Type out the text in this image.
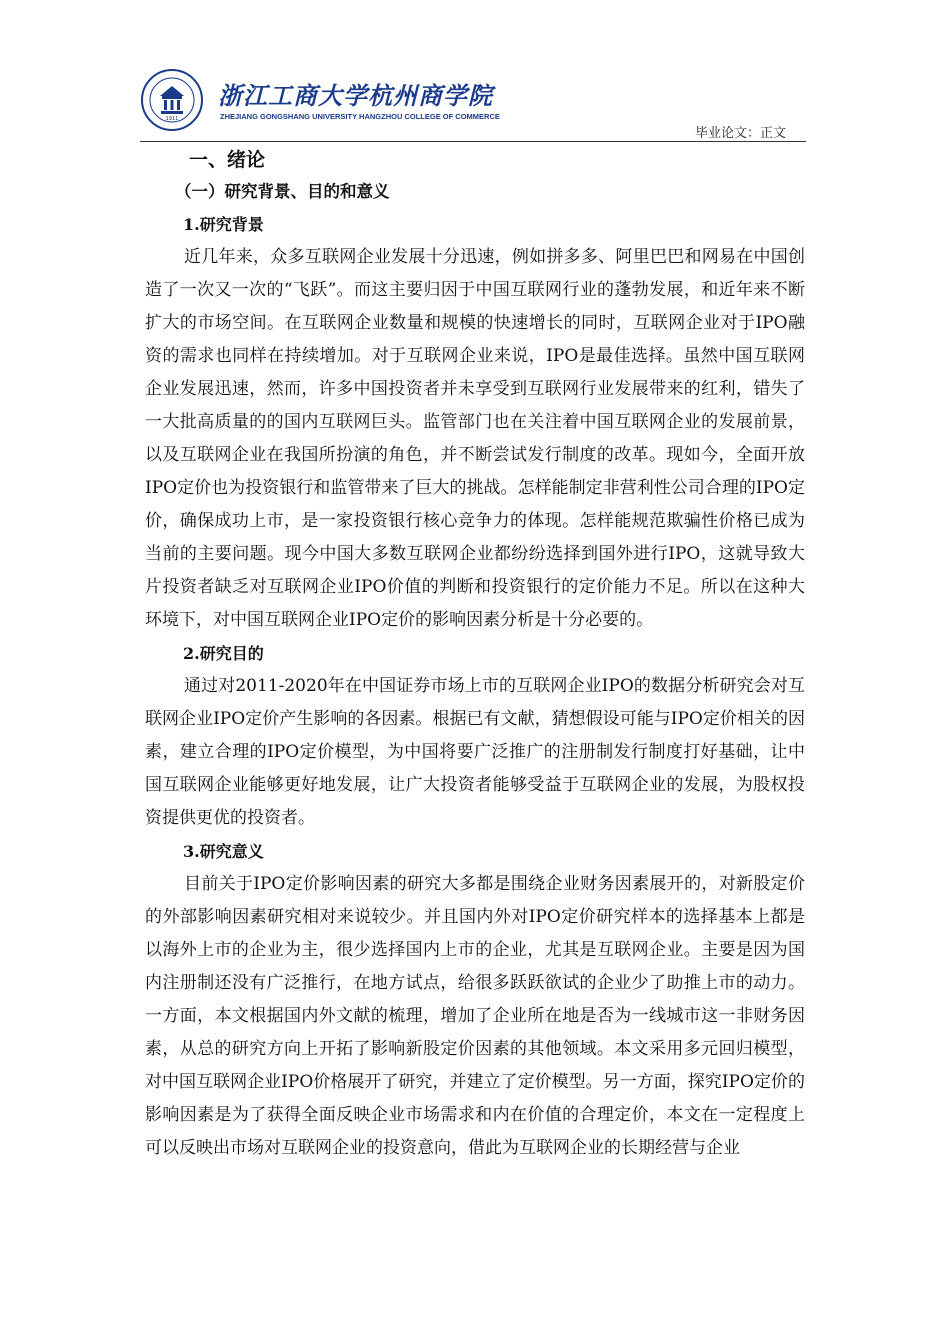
1911
浙江工商大学杭州商学院
ZHEJIANG GONGSHANG UNIVERSITY HANGZHOU COLLEGE OF COMMERCE
毕业论文：正文
一、绪论
（一）研究背景、目的和意义
1.研究背景

近几年来，众多互联网企业发展十分迅速，例如拼多多、阿里巴巴和网易在中国创造了一次又一次的“飞跃”。而这主要归因于中国互联网行业的蓬勃发展，和近年来不断扩大的市场空间。在互联网企业数量和规模的快速增长的同时，互联网企业对于IPO融资的需求也同样在持续增加。对于互联网企业来说，IPO是最佳选择。虽然中国互联网企业发展迅速，然而，许多中国投资者并未享受到互联网行业发展带来的红利，错失了一大批高质量的的国内互联网巨头。监管部门也在关注着中国互联网企业的发展前景，以及互联网企业在我国所扮演的角色，并不断尝试发行制度的改革。现如今，全面开放IPO定价也为投资银行和监管带来了巨大的挑战。怎样能制定非营利性公司合理的IPO定价，确保成功上市，是一家投资银行核心竞争力的体现。怎样能规范欺骗性价格已成为当前的主要问题。现今中国大多数互联网企业都纷纷选择到国外进行IPO，这就导致大片投资者缺乏对互联网企业IPO价值的判断和投资银行的定价能力不足。所以在这种大环境下，对中国互联网企业IPO定价的影响因素分析是十分必要的。

2.研究目的

通过对2011-2020年在中国证券市场上市的互联网企业IPO的数据分析研究会对互联网企业IPO定价产生影响的各因素。根据已有文献，猜想假设可能与IPO定价相关的因素，建立合理的IPO定价模型，为中国将要广泛推广的注册制发行制度打好基础，让中国互联网企业能够更好地发展，让广大投资者能够受益于互联网企业的发展，为股权投资提供更优的投资者。

3.研究意义

目前关于IPO定价影响因素的研究大多都是围绕企业财务因素展开的，对新股定价的外部影响因素研究相对来说较少。并且国内外对IPO定价研究样本的选择基本上都是以海外上市的企业为主，很少选择国内上市的企业，尤其是互联网企业。主要是因为国内注册制还没有广泛推行，在地方试点，给很多跃跃欲试的企业少了助推上市的动力。一方面，本文根据国内外文献的梳理，增加了企业所在地是否为一线城市这一非财务因素，从总的研究方向上开拓了影响新股定价因素的其他领域。本文采用多元回归模型，对中国互联网企业IPO价格展开了研究，并建立了定价模型。另一方面，探究IPO定价的影响因素是为了获得全面反映企业市场需求和内在价值的合理定价，本文在一定程度上可以反映出市场对互联网企业的投资意向，借此为互联网企业的长期经营与企业
